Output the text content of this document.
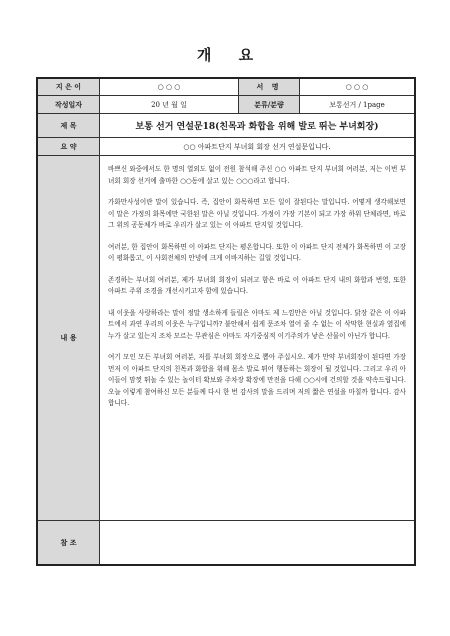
개 요
지 은 이	○ ○ ○	서 명	○ ○ ○
작성일자	20 년 월 일	분류/분량	보통선거 / 1page
제 목	보통 선거 연설문18(친목과 화합을 위해 발로 뛰는 부녀회장)
요 약	○○ 아파트단지 부녀회 회장 선거 연설문입니다.
내 용

바쁘신 와중에서도 한 명의 열외도 없이 전원 참석해 주신 ○○ 아파트 단지 부녀회 여러분, 저는 이번 부녀회 회장 선거에 출마한 ○○동에 살고 있는 ○○○라고 합니다.

가화만사성이란 말이 있습니다. 즉, 집안이 화목하면 모든 일이 잘된다는 말입니다. 어떻게 생각해보면 이 말은 가정의 화목에만 국한된 말은 아닐 것입니다. 가정이 가장 기본이 되고 가장 하위 단체라면, 바로 그 위의 공동체가 바로 우리가 살고 있는 이 아파트 단지일 것입니다.

여러분, 한 집안이 화목하면 이 아파트 단지는 평온합니다. 또한 이 아파트 단지 전체가 화목하면 이 고장이 평화롭고, 이 사회전체의 안녕에 크게 이바지하는 길일 것입니다.

존경하는 부녀회 여러분, 제가 부녀회 회장이 되려고 함은 바로 이 아파트 단지 내의 화합과 번영, 또한 아파트 주위 조경을 개선시키고자 함에 있습니다.

내 이웃을 사랑하라는 말이 정말 생소하게 들릴은 아마도 제 느낌만은 아닐 것입니다. 닭장 같은 이 아파트에서 과연 우리의 이웃은 누구입니까? 불안해서 쉽게 문조차 열어 줄 수 없는 이 삭막한 현실과 옆집에 누가 살고 있는지 조차 모르는 무관심은 아마도 자기중심적 이기주의가 낳은 산물이 아닌가 합니다.

여기 모인 모든 부녀회 여러분, 저를 부녀회 회장으로 뽑아 주십시오. 제가 만약 부녀회장이 된다면 가장 먼저 이 아파트 단지의 친목과 화합을 위해 몸소 발로 뛰어 행동하는 회장이 될 것입니다. 그리고 우리 아이들이 맘껏 뛰놀 수 있는 놀이터 확보와 주차장 확장에 만전을 다해 ○○시에 건의할 것을 약속드립니다. 오늘 이렇게 참여하신 모든 분들께 다시 한 번 감사의 말을 드리며 저의 짧은 연설을 마칠까 합니다. 감사합니다.

참 조
